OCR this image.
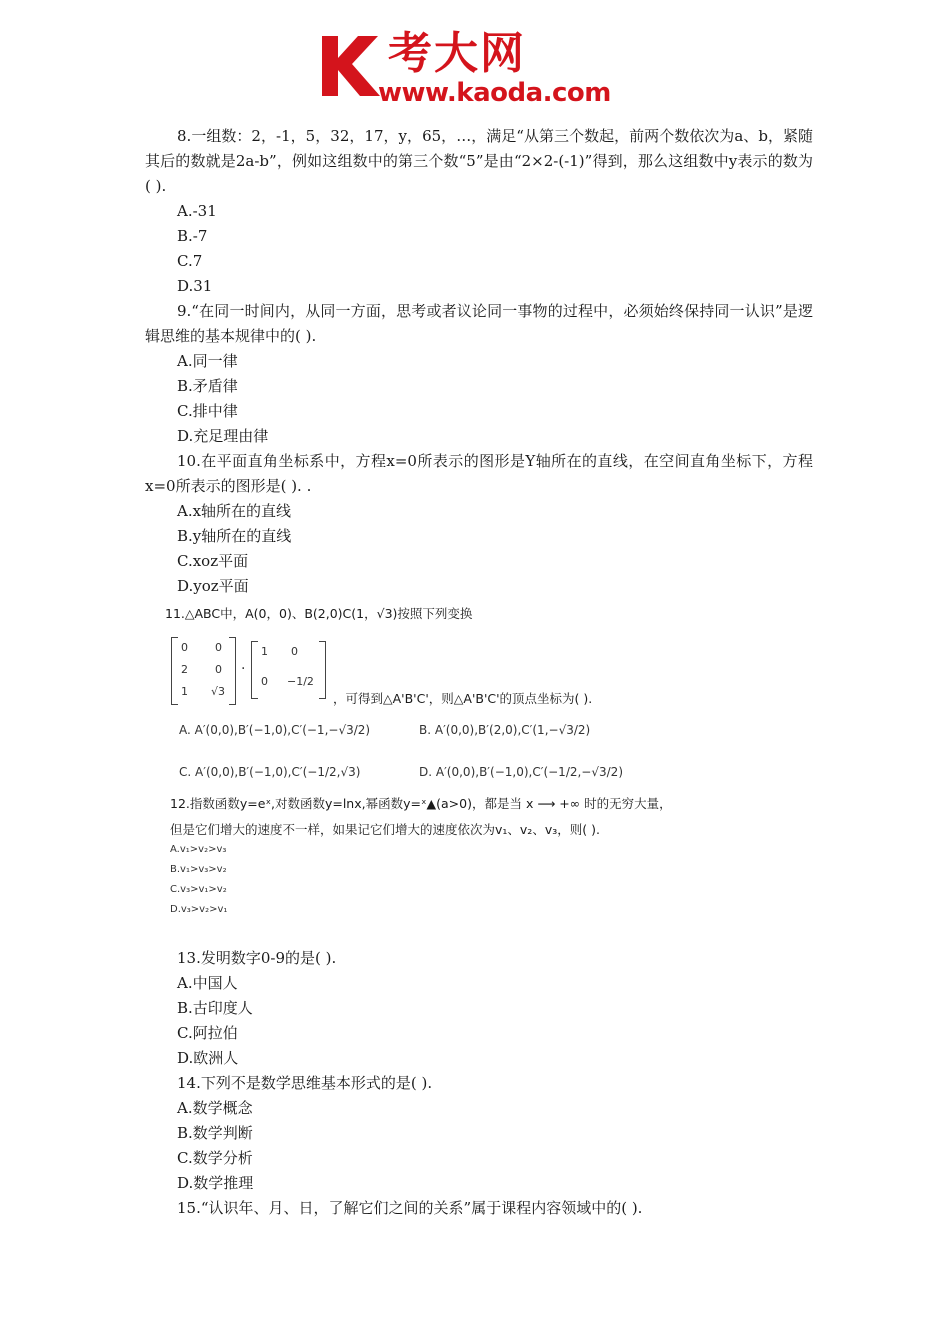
考大网
www.kaoda.com

8.一组数：2，-1，5，32，17，y，65，…，满足“从第三个数起，前两个数依次为a、b，紧随其后的数就是2a-b”，例如这组数中的第三个数“5”是由“2×2-(-1)”得到，那么这组数中y表示的数为( ).

A.-31

B.-7

C.7

D.31

9.“在同一时间内，从同一方面，思考或者议论同一事物的过程中，必须始终保持同一认识”是逻辑思维的基本规律中的( ).

A.同一律

B.矛盾律

C.排中律

D.充足理由律

10.在平面直角坐标系中，方程x=0所表示的图形是Y轴所在的直线，在空间直角坐标下，方程x=0所表示的图形是( ). .

A.x轴所在的直线

B.y轴所在的直线

C.xoz平面

D.yoz平面

11.△ABC中，A(0，0)、B(2,0)C(1，√3)按照下列变换
0 0
2 0
1 √3
·
1 0
0 −1/2
，可得到△A'B'C'，则△A'B'C'的顶点坐标为( ).
A. A′(0,0),B′(−1,0),C′(−1,−√3/2)	B. A′(0,0),B′(2,0),C′(1,−√3/2)
C. A′(0,0),B′(−1,0),C′(−1/2,√3)	D. A′(0,0),B′(−1,0),C′(−1/2,−√3/2)
12.指数函数y=eˣ,对数函数y=lnx,幂函数y=ˣ▲(a>0)，都是当 x ⟶ +∞ 时的无穷大量，
但是它们增大的速度不一样，如果记它们增大的速度依次为v₁、v₂、v₃，则( ).
A.v₁>v₂>v₃
B.v₁>v₃>v₂
C.v₃>v₁>v₂
D.v₃>v₂>v₁

13.发明数字0-9的是( ).

A.中国人

B.古印度人

C.阿拉伯

D.欧洲人

14.下列不是数学思维基本形式的是( ).

A.数学概念

B.数学判断

C.数学分析

D.数学推理

15.“认识年、月、日，了解它们之间的关系”属于课程内容领域中的( ).
